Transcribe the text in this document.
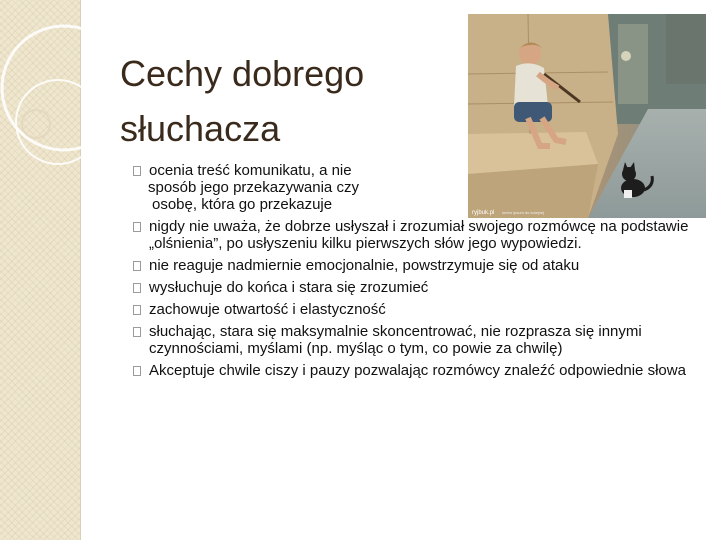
Cechy dobrego
słuchacza
ryjbuk.pl lorem ipsum do kolejnej
ocenia treść komunikatu, a nie
sposób jego przekazywania czy
osobę, która go przekazuje
nigdy nie uważa, że dobrze usłyszał i zrozumiał swojego rozmówcę na podstawie „olśnienia”, po usłyszeniu kilku pierwszych słów jego wypowiedzi.
nie reaguje nadmiernie emocjonalnie, powstrzymuje się od ataku
wysłuchuje do końca i stara się zrozumieć
zachowuje otwartość i elastyczność
słuchając, stara się maksymalnie skoncentrować, nie rozprasza się innymi czynnościami, myślami (np. myśląc o tym, co powie za chwilę)
Akceptuje chwile ciszy i pauzy pozwalając rozmówcy znaleźć odpowiednie słowa
